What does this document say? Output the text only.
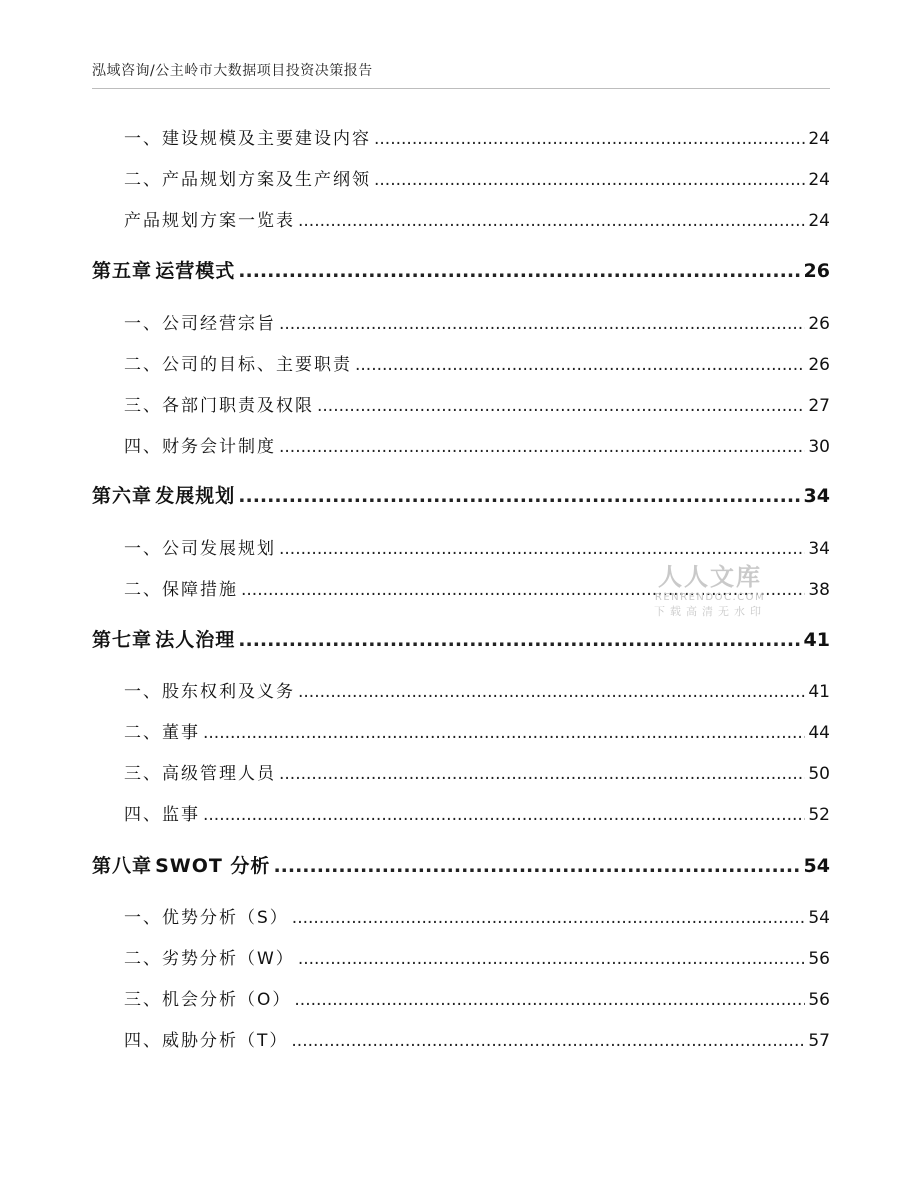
泓域咨询/公主岭市大数据项目投资决策报告
一、 建设规模及主要建设内容 .....	24
二、 产品规划方案及生产纲领 .....	24
产品规划方案一览表 .....	24
第五章 运营模式 .....	26
一、 公司经营宗旨 .....	26
二、 公司的目标、主要职责 .....	26
三、 各部门职责及权限 .....	27
四、 财务会计制度 .....	30
第六章 发展规划 .....	34
一、 公司发展规划 .....	34
二、 保障措施 .....	38
第七章 法人治理 .....	41
一、 股东权利及义务 .....	41
二、 董事 .....	44
三、 高级管理人员 .....	50
四、 监事 .....	52
第八章 SWOT 分析 .....	54
一、 优势分析（S） .....	54
二、 劣势分析（W） .....	56
三、 机会分析（O） .....	56
四、 威胁分析（T） .....	57
人人文库
RENRENDOC.COM
下载高清无水印
